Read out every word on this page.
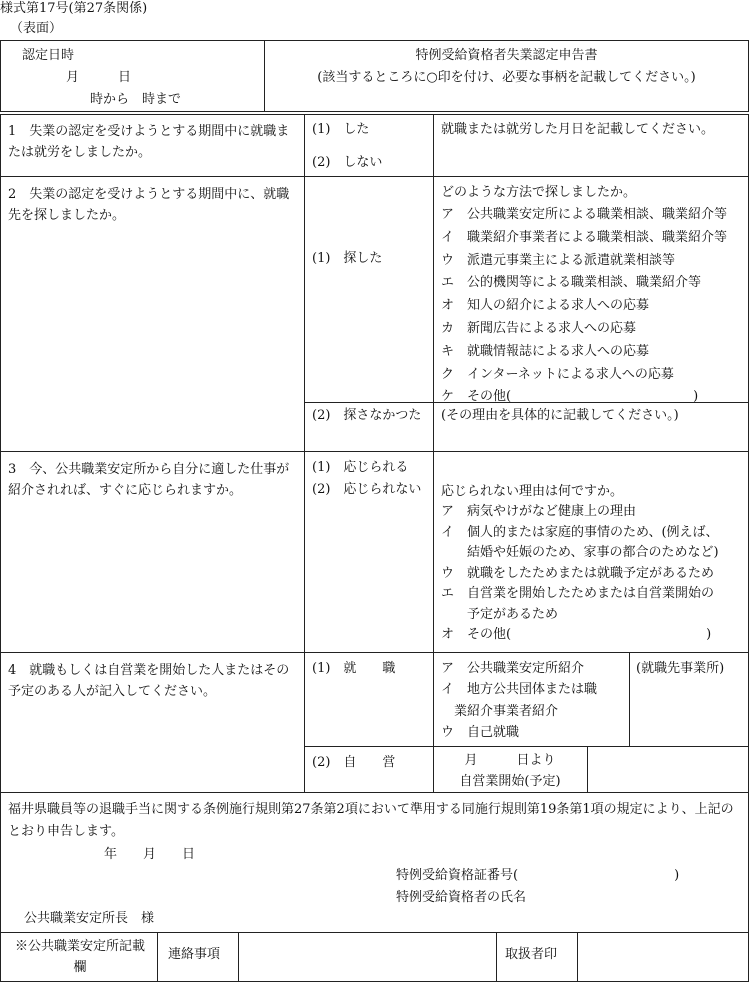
様式第17号(第27条関係)
（表面）
認定日時
月　　　日
時から　時まで
特例受給資格者失業認定申告書
(該当するところに○印を付け、必要な事柄を記載してください。)
1　失業の認定を受けようとする期間中に就職または就労をしましたか。
(1)　した
(2)　しない
就職または就労した月日を記載してください。
2　失業の認定を受けようとする期間中に、就職先を探しましたか。
(1)　探した
(2)　探さなかつた
どのような方法で探しましたか。
ア　公共職業安定所による職業相談、職業紹介等
イ　職業紹介事業者による職業相談、職業紹介等
ウ　派遣元事業主による派遣就業相談等
エ　公的機関等による職業相談、職業紹介等
オ　知人の紹介による求人への応募
カ　新聞広告による求人への応募
キ　就職情報誌による求人への応募
ク　インターネットによる求人への応募
ケ　その他(　　　　　　　　　　　　　　)
(その理由を具体的に記載してください。)
3　今、公共職業安定所から自分に適した仕事が紹介されれば、すぐに応じられますか。
(1)　応じられる
(2)　応じられない 応じられない理由は何ですか。
ア　病気やけがなど健康上の理由
イ　個人的または家庭的事情のため、(例えば、
　　結婚や妊娠のため、家事の都合のためなど)
ウ　就職をしたためまたは就職予定があるため
エ　自営業を開始したためまたは自営業開始の
　　予定があるため
オ　その他(　　　　　　　　　　　　　　　)
4　就職もしくは自営業を開始した人またはその予定のある人が記入してください。
(1)　就　　職
(2)　自　　営
ア　公共職業安定所紹介
イ　地方公共団体または職
　業紹介事業者紹介
ウ　自己就職
(就職先事業所)
月　　　日より
自営業開始(予定)
福井県職員等の退職手当に関する条例施行規則第27条第2項において準用する同施行規則第19条第1項の規定により、上記のとおり申告します。
年　　月　　日
特例受給資格証番号(　　　　　　　　　　　　)
特例受給資格者の氏名
公共職業安定所長　様
※公共職業安定所記載欄
連絡事項	取扱者印
